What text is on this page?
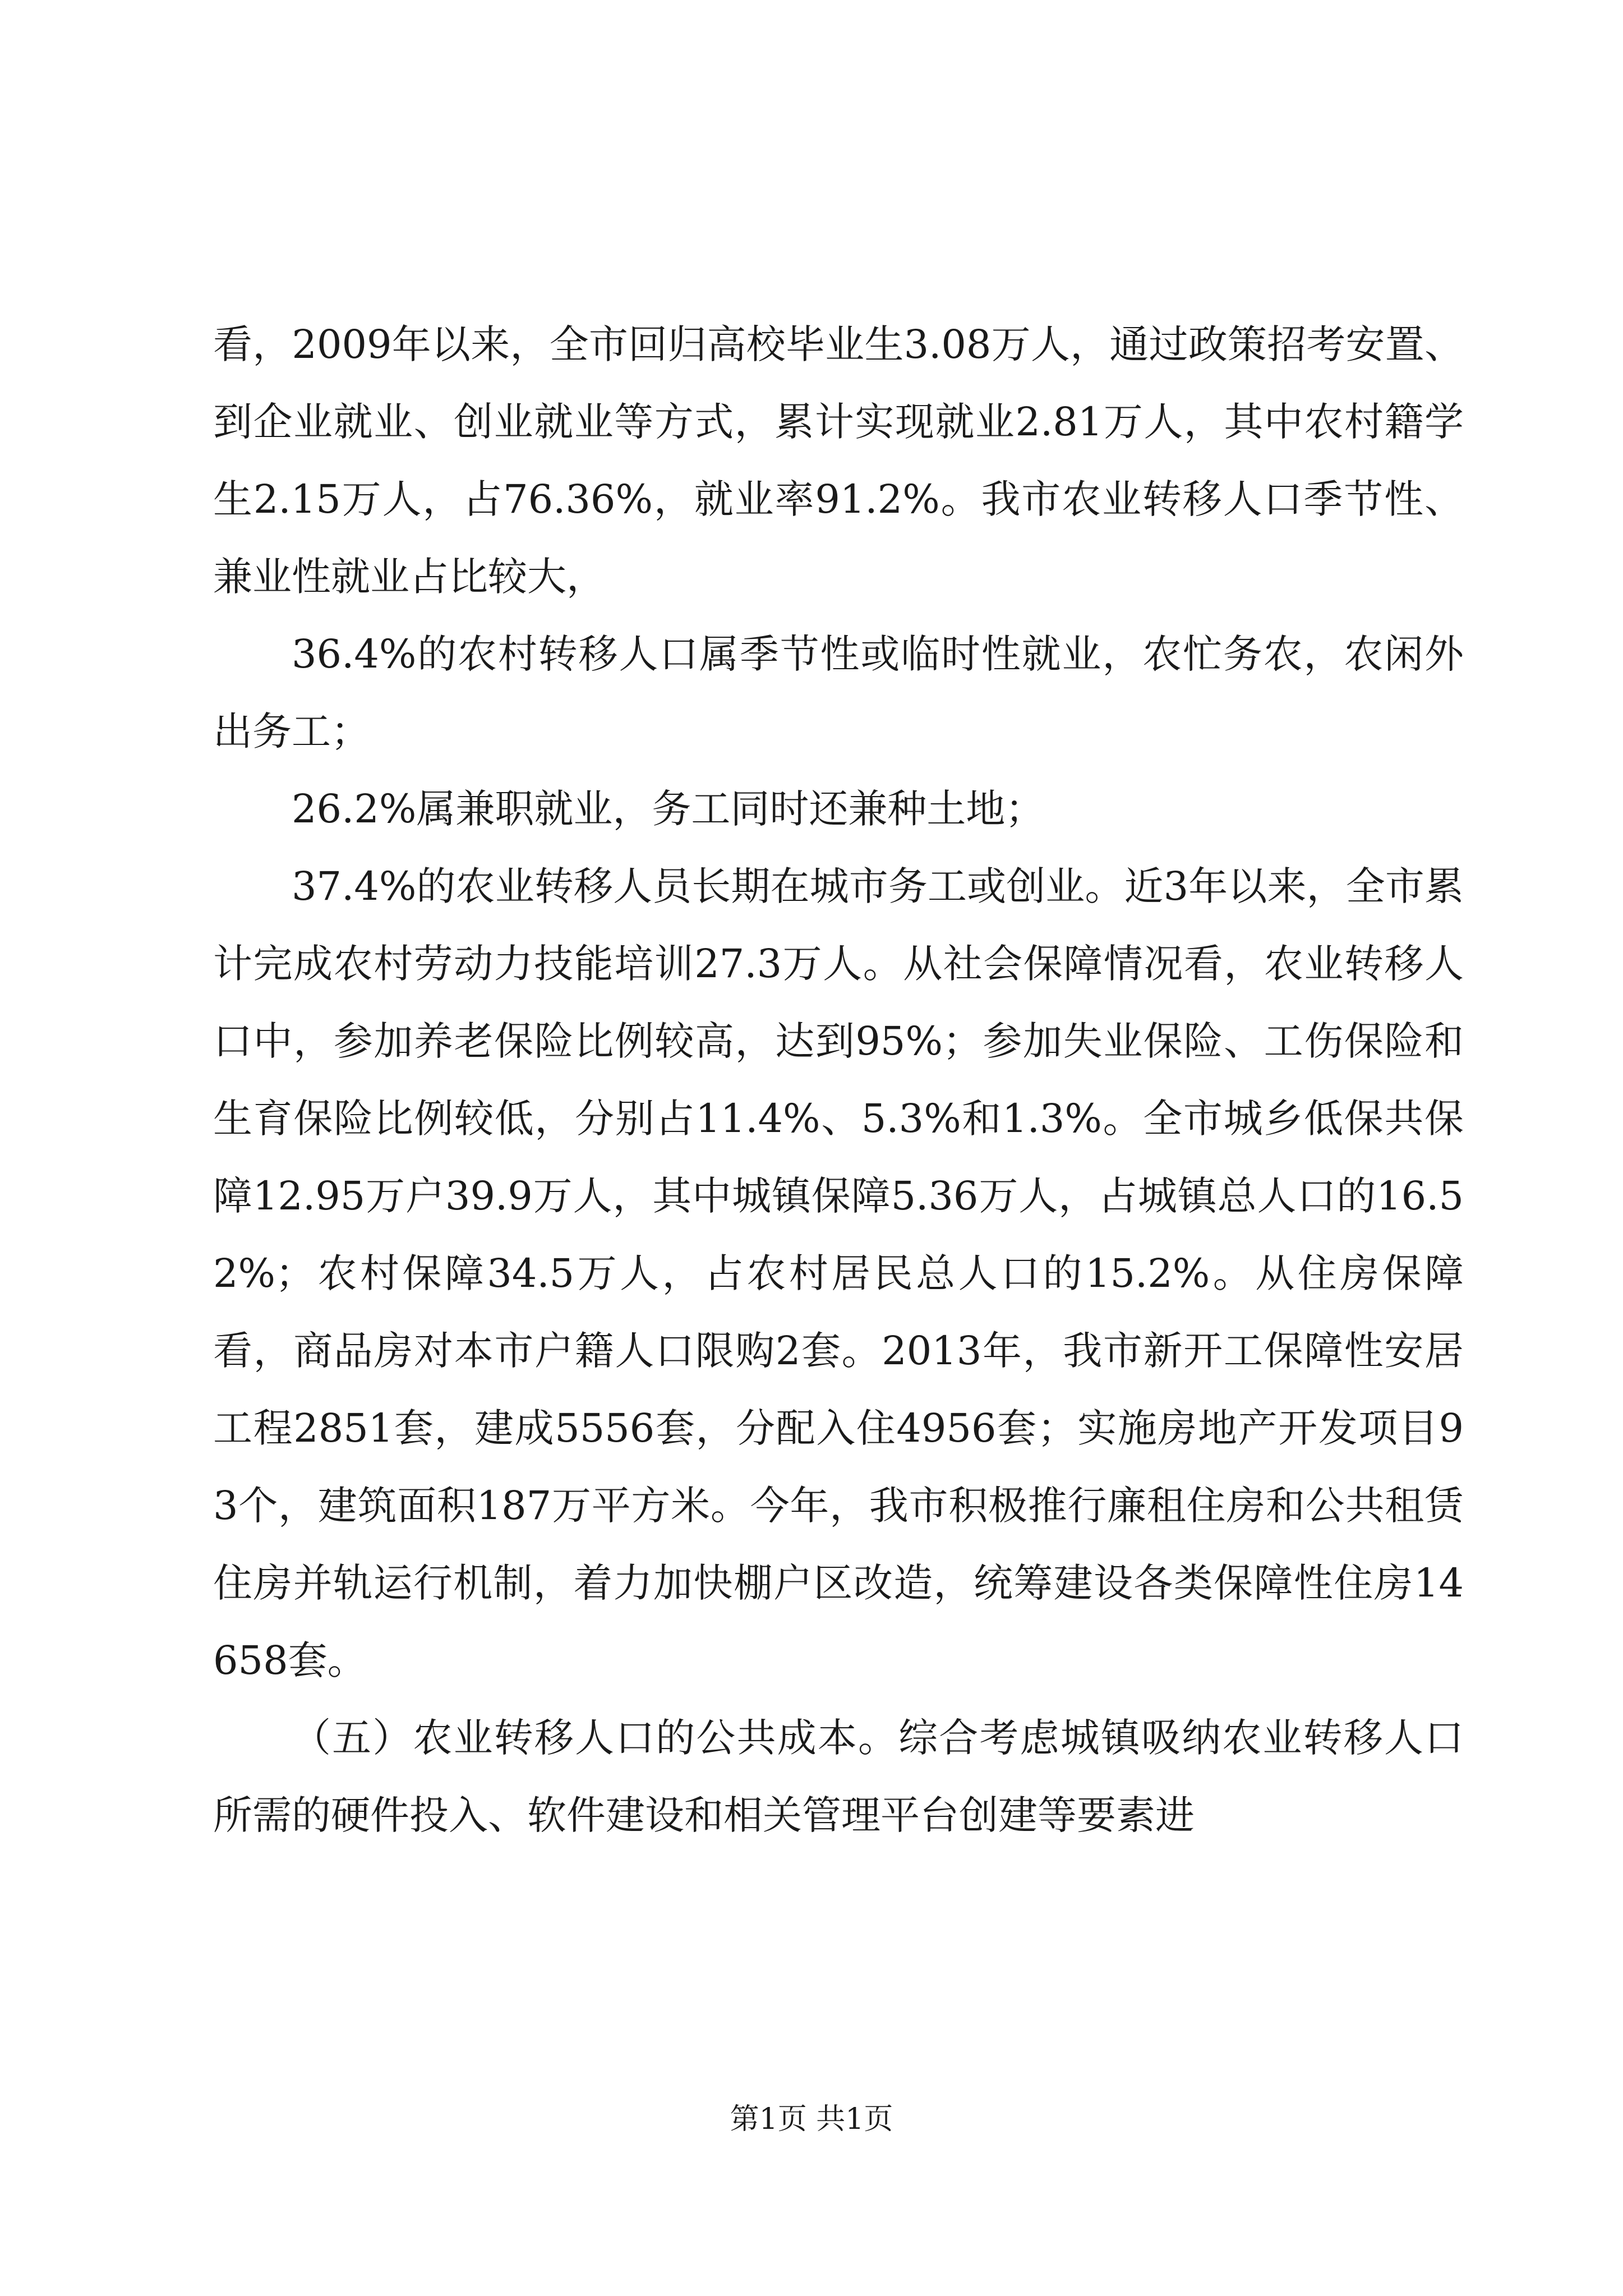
看，2009年以来，全市回归高校毕业生3.08万人，通过政策招考安置、到企业就业、创业就业等方式，累计实现就业2.81万人，其中农村籍学生2.15万人，占76.36%，就业率91.2%。我市农业转移人口季节性、兼业性就业占比较大，

36.4%的农村转移人口属季节性或临时性就业，农忙务农，农闲外出务工；

26.2%属兼职就业，务工同时还兼种土地；

37.4%的农业转移人员长期在城市务工或创业。近3年以来，全市累计完成农村劳动力技能培训27.3万人。从社会保障情况看，农业转移人口中，参加养老保险比例较高，达到95%；参加失业保险、工伤保险和生育保险比例较低，分别占11.4%、5.3%和1.3%。全市城乡低保共保障12.95万户39.9万人，其中城镇保障5.36万人，占城镇总人口的16.52%；农村保障34.5万人，占农村居民总人口的15.2%。从住房保障看，商品房对本市户籍人口限购2套。2013年，我市新开工保障性安居工程2851套，建成5556套，分配入住4956套；实施房地产开发项目93个，建筑面积187万平方米。今年，我市积极推行廉租住房和公共租赁住房并轨运行机制，着力加快棚户区改造，统筹建设各类保障性住房14658套。

（五）农业转移人口的公共成本。综合考虑城镇吸纳农业转移人口所需的硬件投入、软件建设和相关管理平台创建等要素进

第1页 共1页
